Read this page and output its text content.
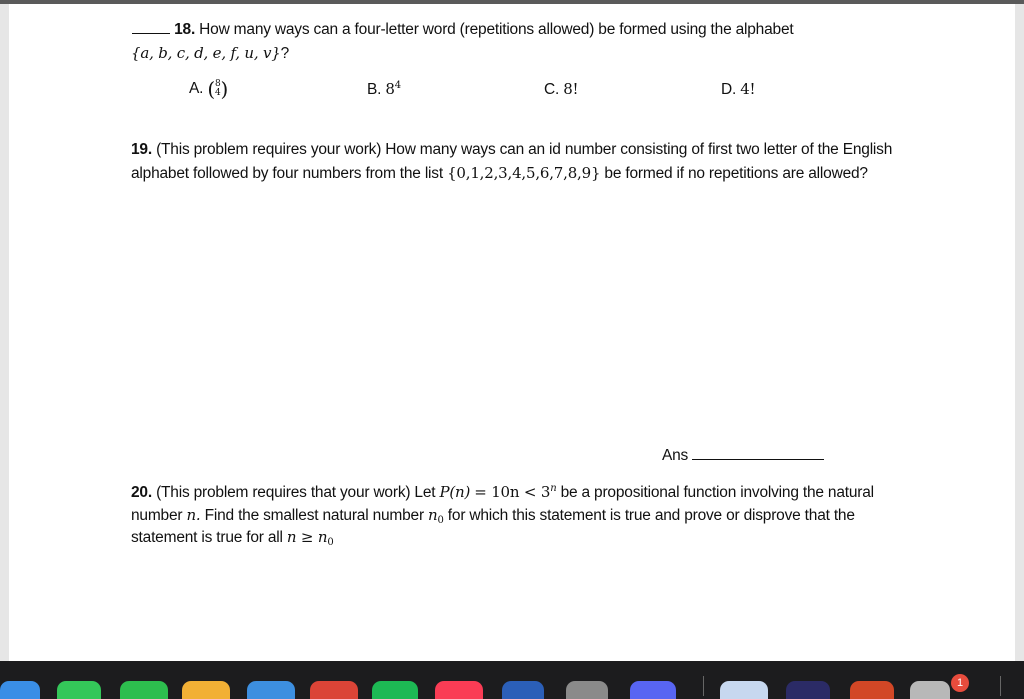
18. How many ways can a four-letter word (repetitions allowed) be formed using the alphabet
{a, b, c, d, e, f, u, v}?
A. ( 8
4 )	B. $8^4$	C. 8!	D. 4!
19. (This problem requires your work) How many ways can an id number consisting of first two letter of the English
alphabet followed by four numbers from the list {0,1,2,3,4,5,6,7,8,9} be formed if no repetitions are allowed?
Ans
20. (This problem requires that your work) Let $P(n) = 10n < 3^n$ be a propositional function involving the natural
number n. Find the smallest natural number $n_0$ for which this statement is true and prove or disprove that the
statement is true for all $n \ge n_0$
1
